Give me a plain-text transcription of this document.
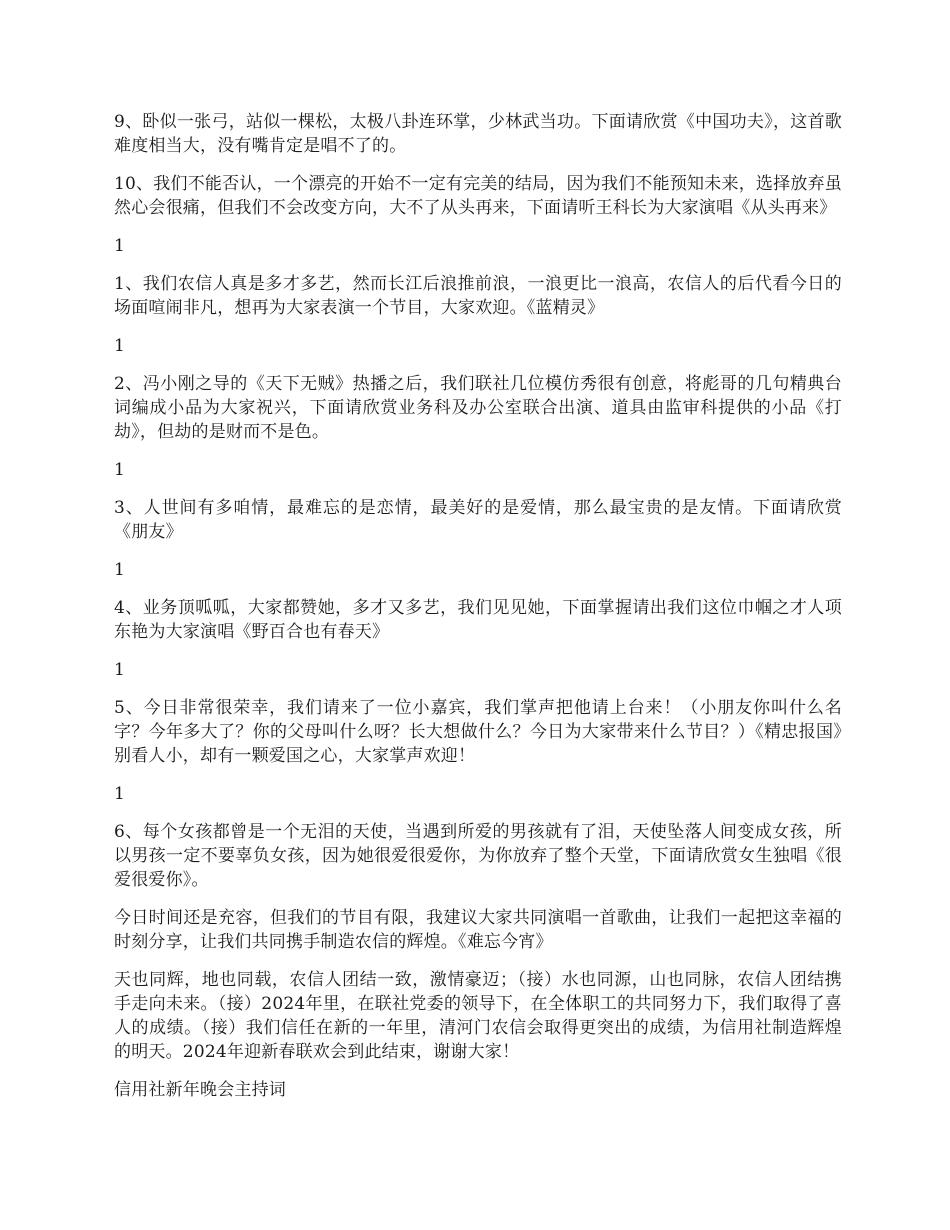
9、卧似一张弓，站似一棵松，太极八卦连环掌，少林武当功。下面请欣赏《中国功夫》，这首歌难度相当大，没有嘴肯定是唱不了的。

10、我们不能否认，一个漂亮的开始不一定有完美的结局，因为我们不能预知未来，选择放弃虽然心会很痛，但我们不会改变方向，大不了从头再来，下面请听王科长为大家演唱《从头再来》

1

1、我们农信人真是多才多艺，然而长江后浪推前浪，一浪更比一浪高，农信人的后代看今日的场面喧闹非凡，想再为大家表演一个节目，大家欢迎。《蓝精灵》

1

2、冯小刚之导的《天下无贼》热播之后，我们联社几位模仿秀很有创意，将彪哥的几句精典台词编成小品为大家祝兴，下面请欣赏业务科及办公室联合出演、道具由监审科提供的小品《打劫》，但劫的是财而不是色。

1

3、人世间有多咱情，最难忘的是恋情，最美好的是爱情，那么最宝贵的是友情。下面请欣赏《朋友》

1

4、业务顶呱呱，大家都赞她，多才又多艺，我们见见她，下面掌握请出我们这位巾帼之才人项东艳为大家演唱《野百合也有春天》

1

5、今日非常很荣幸，我们请来了一位小嘉宾，我们掌声把他请上台来！（小朋友你叫什么名字？今年多大了？你的父母叫什么呀？长大想做什么？今日为大家带来什么节目？）《精忠报国》别看人小，却有一颗爱国之心，大家掌声欢迎！

1

6、每个女孩都曾是一个无泪的天使，当遇到所爱的男孩就有了泪，天使坠落人间变成女孩，所以男孩一定不要辜负女孩，因为她很爱很爱你，为你放弃了整个天堂，下面请欣赏女生独唱《很爱很爱你》。

今日时间还是充容，但我们的节目有限，我建议大家共同演唱一首歌曲，让我们一起把这幸福的时刻分享，让我们共同携手制造农信的辉煌。《难忘今宵》

天也同辉，地也同载，农信人团结一致，激情豪迈；（接）水也同源，山也同脉，农信人团结携手走向未来。（接）2024年里，在联社党委的领导下，在全体职工的共同努力下，我们取得了喜人的成绩。（接）我们信任在新的一年里，清河门农信会取得更突出的成绩，为信用社制造辉煌的明天。2024年迎新春联欢会到此结束，谢谢大家！

信用社新年晚会主持词
